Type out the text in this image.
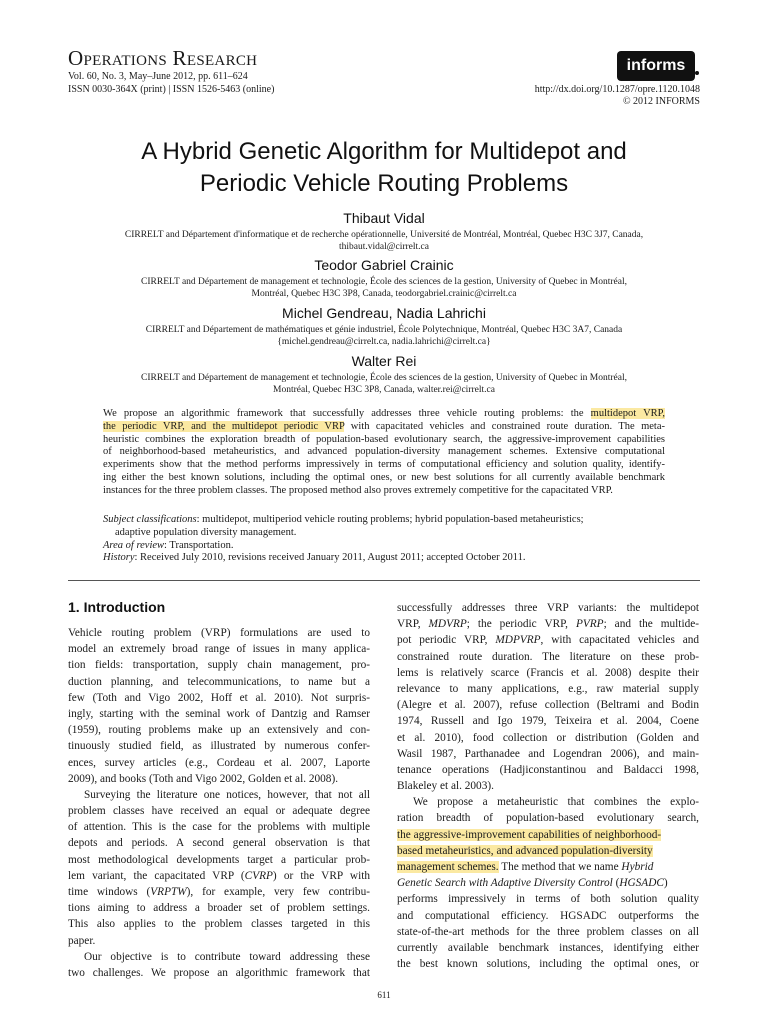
Operations Research
Vol. 60, No. 3, May–June 2012, pp. 611–624
ISSN 0030-364X (print) | ISSN 1526-5463 (online)
informs
http://dx.doi.org/10.1287/opre.1120.1048
© 2012 INFORMS
A Hybrid Genetic Algorithm for Multidepot and
Periodic Vehicle Routing Problems
Thibaut Vidal
CIRRELT and Département d'informatique et de recherche opérationnelle, Université de Montréal, Montréal, Quebec H3C 3J7, Canada,
thibaut.vidal@cirrelt.ca
Teodor Gabriel Crainic
CIRRELT and Département de management et technologie, École des sciences de la gestion, University of Quebec in Montréal,
Montréal, Quebec H3C 3P8, Canada, teodorgabriel.crainic@cirrelt.ca
Michel Gendreau, Nadia Lahrichi
CIRRELT and Département de mathématiques et génie industriel, École Polytechnique, Montréal, Quebec H3C 3A7, Canada
{michel.gendreau@cirrelt.ca, nadia.lahrichi@cirrelt.ca}
Walter Rei
CIRRELT and Département de management et technologie, École des sciences de la gestion, University of Quebec in Montréal,
Montréal, Quebec H3C 3P8, Canada, walter.rei@cirrelt.ca
We propose an algorithmic framework that successfully addresses three vehicle routing problems: the multidepot VRP,
the periodic VRP, and the multidepot periodic VRP with capacitated vehicles and constrained route duration. The meta-
heuristic combines the exploration breadth of population-based evolutionary search, the aggressive-improvement capabilities
of neighborhood-based metaheuristics, and advanced population-diversity management schemes. Extensive computational
experiments show that the method performs impressively in terms of computational efficiency and solution quality, identify-
ing either the best known solutions, including the optimal ones, or new best solutions for all currently available benchmark
instances for the three problem classes. The proposed method also proves extremely competitive for the capacitated VRP.
Subject classifications: multidepot, multiperiod vehicle routing problems; hybrid population-based metaheuristics;
adaptive population diversity management.
Area of review: Transportation.
History: Received July 2010, revisions received January 2011, August 2011; accepted October 2011.
1. Introduction
Vehicle routing problem (VRP) formulations are used to
model an extremely broad range of issues in many applica-
tion fields: transportation, supply chain management, pro-
duction planning, and telecommunications, to name but a
few (Toth and Vigo 2002, Hoff et al. 2010). Not surpris-
ingly, starting with the seminal work of Dantzig and Ramser
(1959), routing problems make up an extensively and con-
tinuously studied field, as illustrated by numerous confer-
ences, survey articles (e.g., Cordeau et al. 2007, Laporte
2009), and books (Toth and Vigo 2002, Golden et al. 2008).
Surveying the literature one notices, however, that not all
problem classes have received an equal or adequate degree
of attention. This is the case for the problems with multiple
depots and periods. A second general observation is that
most methodological developments target a particular prob-
lem variant, the capacitated VRP (CVRP) or the VRP with
time windows (VRPTW), for example, very few contribu-
tions aiming to address a broader set of problem settings.
This also applies to the problem classes targeted in this
paper.
Our objective is to contribute toward addressing these
two challenges. We propose an algorithmic framework that
successfully addresses three VRP variants: the multidepot
VRP, MDVRP; the periodic VRP, PVRP; and the multide-
pot periodic VRP, MDPVRP, with capacitated vehicles and
constrained route duration. The literature on these prob-
lems is relatively scarce (Francis et al. 2008) despite their
relevance to many applications, e.g., raw material supply
(Alegre et al. 2007), refuse collection (Beltrami and Bodin
1974, Russell and Igo 1979, Teixeira et al. 2004, Coene
et al. 2010), food collection or distribution (Golden and
Wasil 1987, Parthanadee and Logendran 2006), and main-
tenance operations (Hadjiconstantinou and Baldacci 1998,
Blakeley et al. 2003).
We propose a metaheuristic that combines the explo-
ration breadth of population-based evolutionary search,
the aggressive-improvement capabilities of neighborhood-
based metaheuristics, and advanced population-diversity
management schemes. The method that we name Hybrid
Genetic Search with Adaptive Diversity Control (HGSADC)
performs impressively in terms of both solution quality
and computational efficiency. HGSADC outperforms the
state-of-the-art methods for the three problem classes on all
currently available benchmark instances, identifying either
the best known solutions, including the optimal ones, or
611
